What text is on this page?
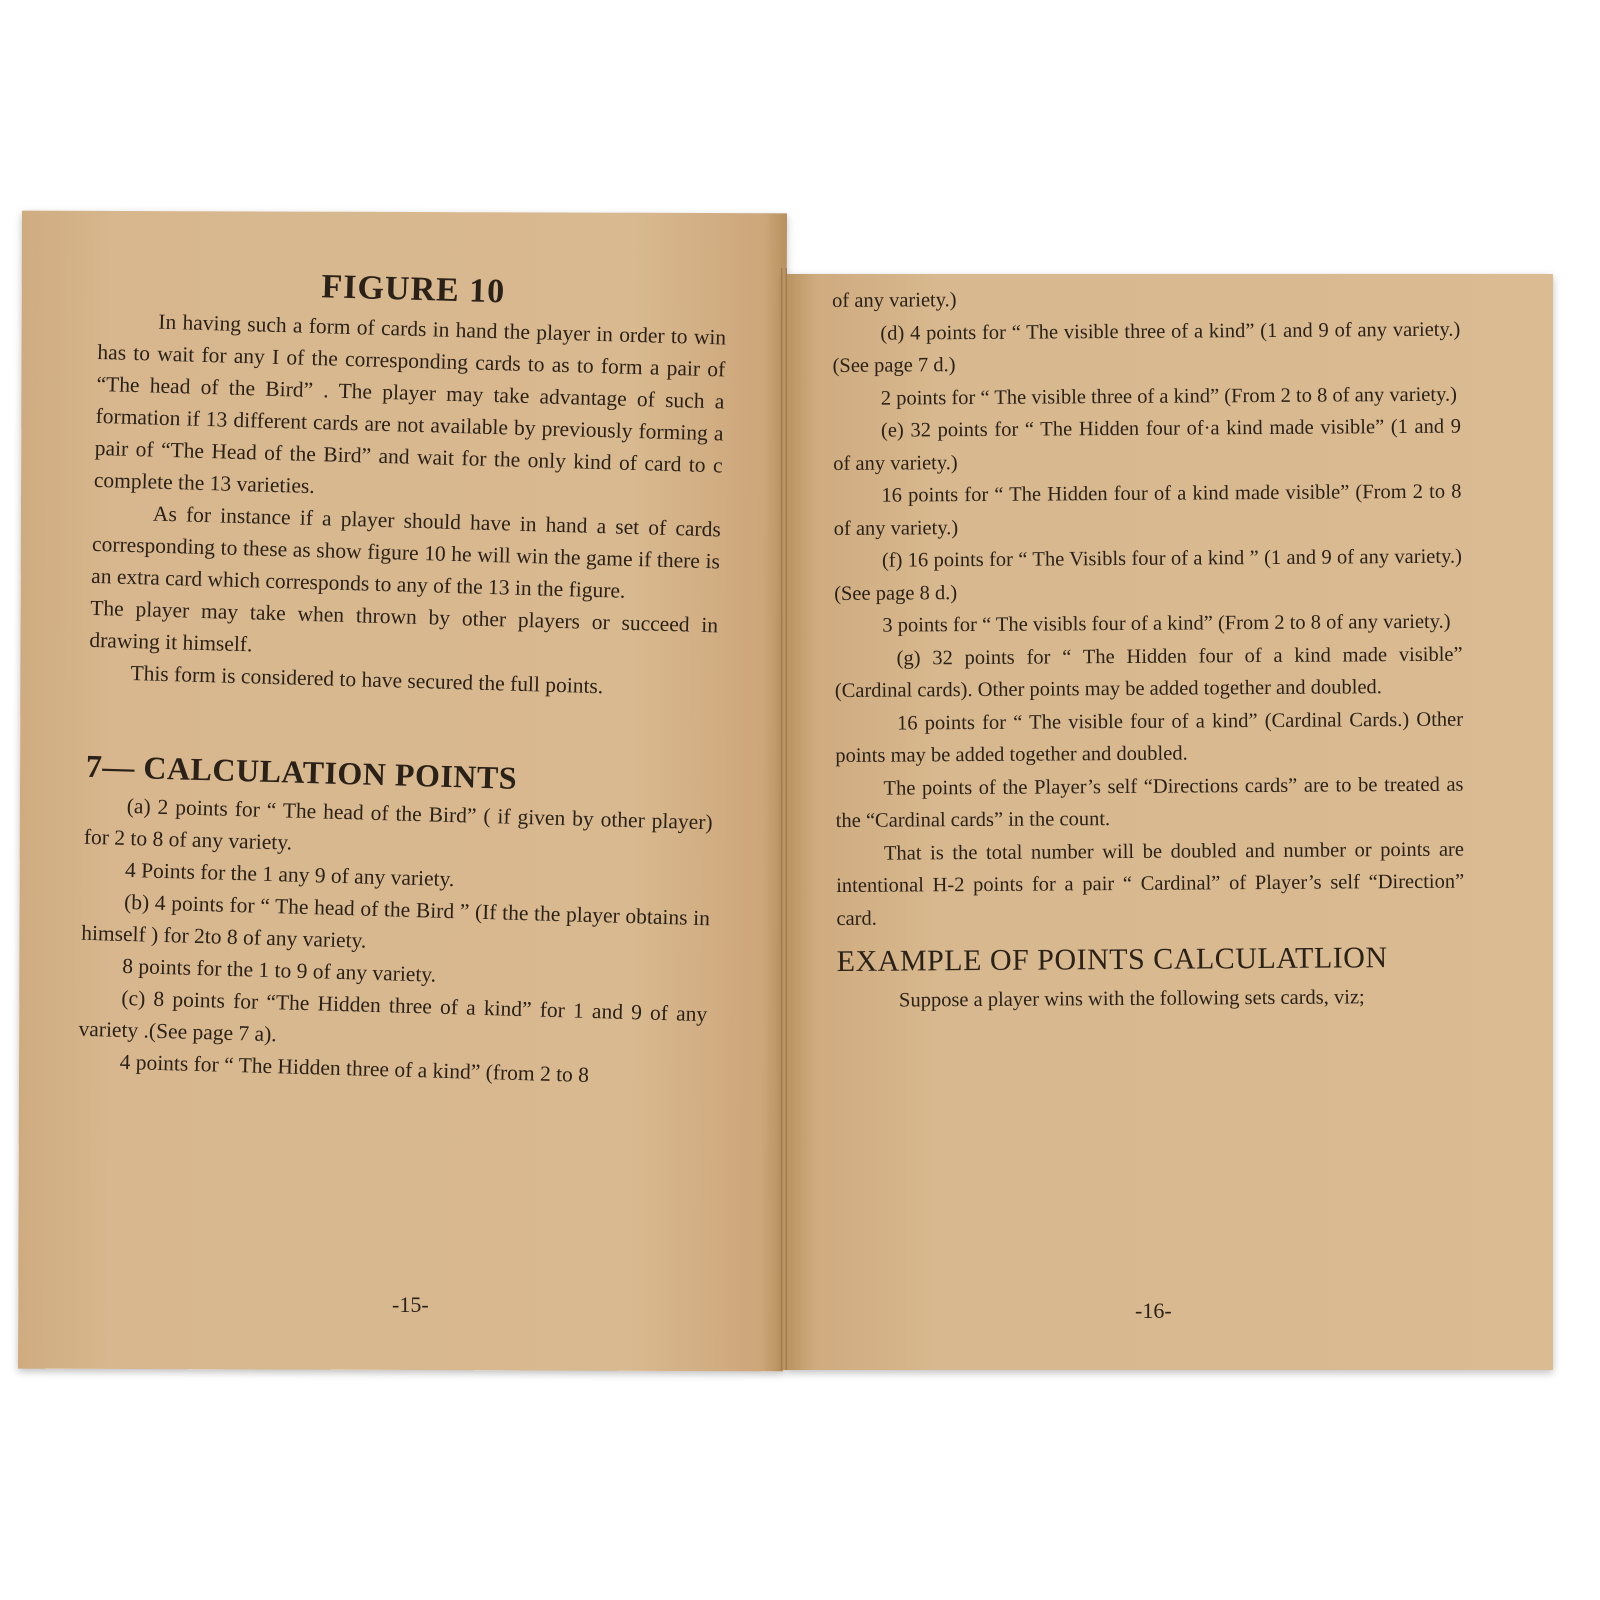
FIGURE 10

In having such a form of cards in hand the player in order to win has to wait for any I of the corresponding cards to as to form a pair of “The head of the Bird” . The player may take advantage of such a formation if 13 different cards are not available by previously forming a pair of “The Head of the Bird” and wait for the only kind of card to c complete the 13 varieties.

As for instance if a player should have in hand a set of cards corresponding to these as show figure 10 he will win the game if there is an extra card which corresponds to any of the 13 in the figure.

The player may take when thrown by other players or succeed in drawing it himself.

This form is considered to have secured the full points.

7— CALCULATION POINTS

(a) 2 points for “ The head of the Bird” ( if given by other player) for 2 to 8 of any variety.

4 Points for the 1 any 9 of any variety.

(b) 4 points for “ The head of the Bird ” (If the the player obtains in himself ) for 2to 8 of any variety.

8 points for the 1 to 9 of any variety.

(c) 8 points for “The Hidden three of a kind” for 1 and 9 of any variety .(See page 7 a).

4 points for “ The Hidden three of a kind” (from 2 to 8

-15-

of any variety.)

(d) 4 points for “ The visible three of a kind” (1 and 9 of any variety.) (See page 7 d.)

2 points for “ The visible three of a kind” (From 2 to 8 of any variety.)

(e) 32 points for “ The Hidden four of·a kind made visible” (1 and 9 of any variety.)

16 points for “ The Hidden four of a kind made visible” (From 2 to 8 of any variety.)

(f) 16 points for “ The Visibls four of a kind ” (1 and 9 of any variety.) (See page 8 d.)

3 points for “ The visibls four of a kind” (From 2 to 8 of any variety.)

(g) 32 points for “ The Hidden four of a kind made visible” (Cardinal cards). Other points may be added together and doubled.

16 points for “ The visible four of a kind” (Cardinal Cards.) Other points may be added together and doubled.

The points of the Player’s self “Directions cards” are to be treated as the “Cardinal cards” in the count.

That is the total number will be doubled and number or points are intentional H-2 points for a pair “ Cardinal” of Player’s self “Direction” card.

EXAMPLE OF POINTS CALCULATLION

Suppose a player wins with the following sets cards, viz;

-16-
